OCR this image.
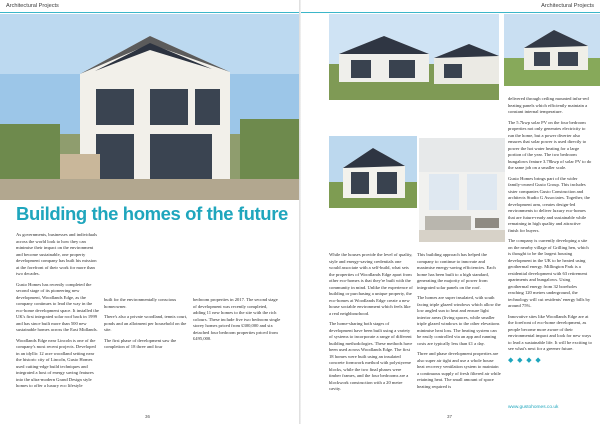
Architectural Projects
Building the homes of the future

As governments, businesses and individuals across the world look to how they can minimise their impact on the environment and become sustainable, one property development company has built his mission at the forefront of their work for more than two decades.

Gusto Homes has recently completed the second stage of its pioneering new development, Woodlands Edge, as the company continues to lead the way in the eco-home development space. It installed the UK's first integrated solar roof back in 1999 and has since built more than 500 new sustainable homes across the East Midlands.

Woodlands Edge near Lincoln is one of the company's most recent projects. Developed in an idyllic 12 acre woodland setting near the historic city of Lincoln, Gusto Homes used cutting-edge build techniques and integrated a host of energy saving features into the ultra-modern Grand Design style homes to offer a luxury eco lifestyle

built for the environmentally conscious homeowner.

There's also a private woodland, tennis court, ponds and an allotment per household on the site.

The first phase of development saw the completion of 18 three and four

bedroom properties in 2017. The second stage of development was recently completed, adding 11 new homes to the site with the rich colours. These include five two bedroom single storey homes priced from £300,000 and six detached four bedroom properties priced from £495,000.

36
Architectural Projects

While the houses provide the level of quality, style and energy-saving credentials one would associate with a self-build, what sets the properties of Woodlands Edge apart from other eco-homes is that they're built with the community in mind. Unlike the experience of building or purchasing a unique property, the eco-homes at Woodlands Edge create a new house sociable environment which feels like a real neighbourhood.

The home-sharing both stages of development have been built using a variety of systems to incorporate a range of different building methodologies. These methods have been used across Woodlands Edge. The first 18 homes were built using an insulated concrete formwork method with polystyrene blocks, while the two final phases were timber frames, and the four bedrooms are a blockwork construction with a 20 metre cavity.

This building approach has helped the company to continue to innovate and maximise energy-saving efficiencies. Each home has been built to a high standard, generating the majority of power from integrated solar panels on the roof.

The homes are super insulated, with south facing triple glazed windows which allow the low angled sun to heat and ensure light interior areas (living spaces, while smaller triple glazed windows to the other elevations minimise heat loss. The heating system can be easily controlled via an app and running costs are typically less than £1 a day.

Three and phase development properties are also super air tight and use a whole house heat recovery ventilation system to maintain a continuous supply of fresh filtered air while retaining heat. The small amount of space heating required is

delivered through ceiling mounted infra-red heating panels which efficiently maintain a constant internal temperature.

The 5.7kwp solar PV on the four bedroom properties not only generates electricity to run the home, but a power diverter also ensures that solar power is used directly to power the hot water heating for a large portion of the year. The two bedroom bungalows feature 3.78kwp of solar PV to do the same job on a smaller scale.

Gusto Homes brings part of the wider family-owned Gusto Group. This includes sister companies Gusto Construction and architects Studio G Associates. Together, the development arm, creates design-led environments to deliver luxury eco-homes that are future-ready and sustainable while remaining in high quality and attractive finish for buyers.

The company is currently developing a site on the nearby village of Grilling hen, which is thought to be the largest housing development in the UK to be heated using geothermal energy. Millington Park is a residential development with 63 retirement apartments and bungalows. Using geothermal energy from 32 boreholes reaching 120 metres underground, the technology will cut residents' energy bills by around 75%.

Innovative sites like Woodlands Edge are at the forefront of eco-home development, as people become more aware of their environmental impact and look for new ways to lead a sustainable life. It will be exciting to see what's next for a greener future.

◆ ◆ ◆ ◆
www.gustohomes.co.uk
37
